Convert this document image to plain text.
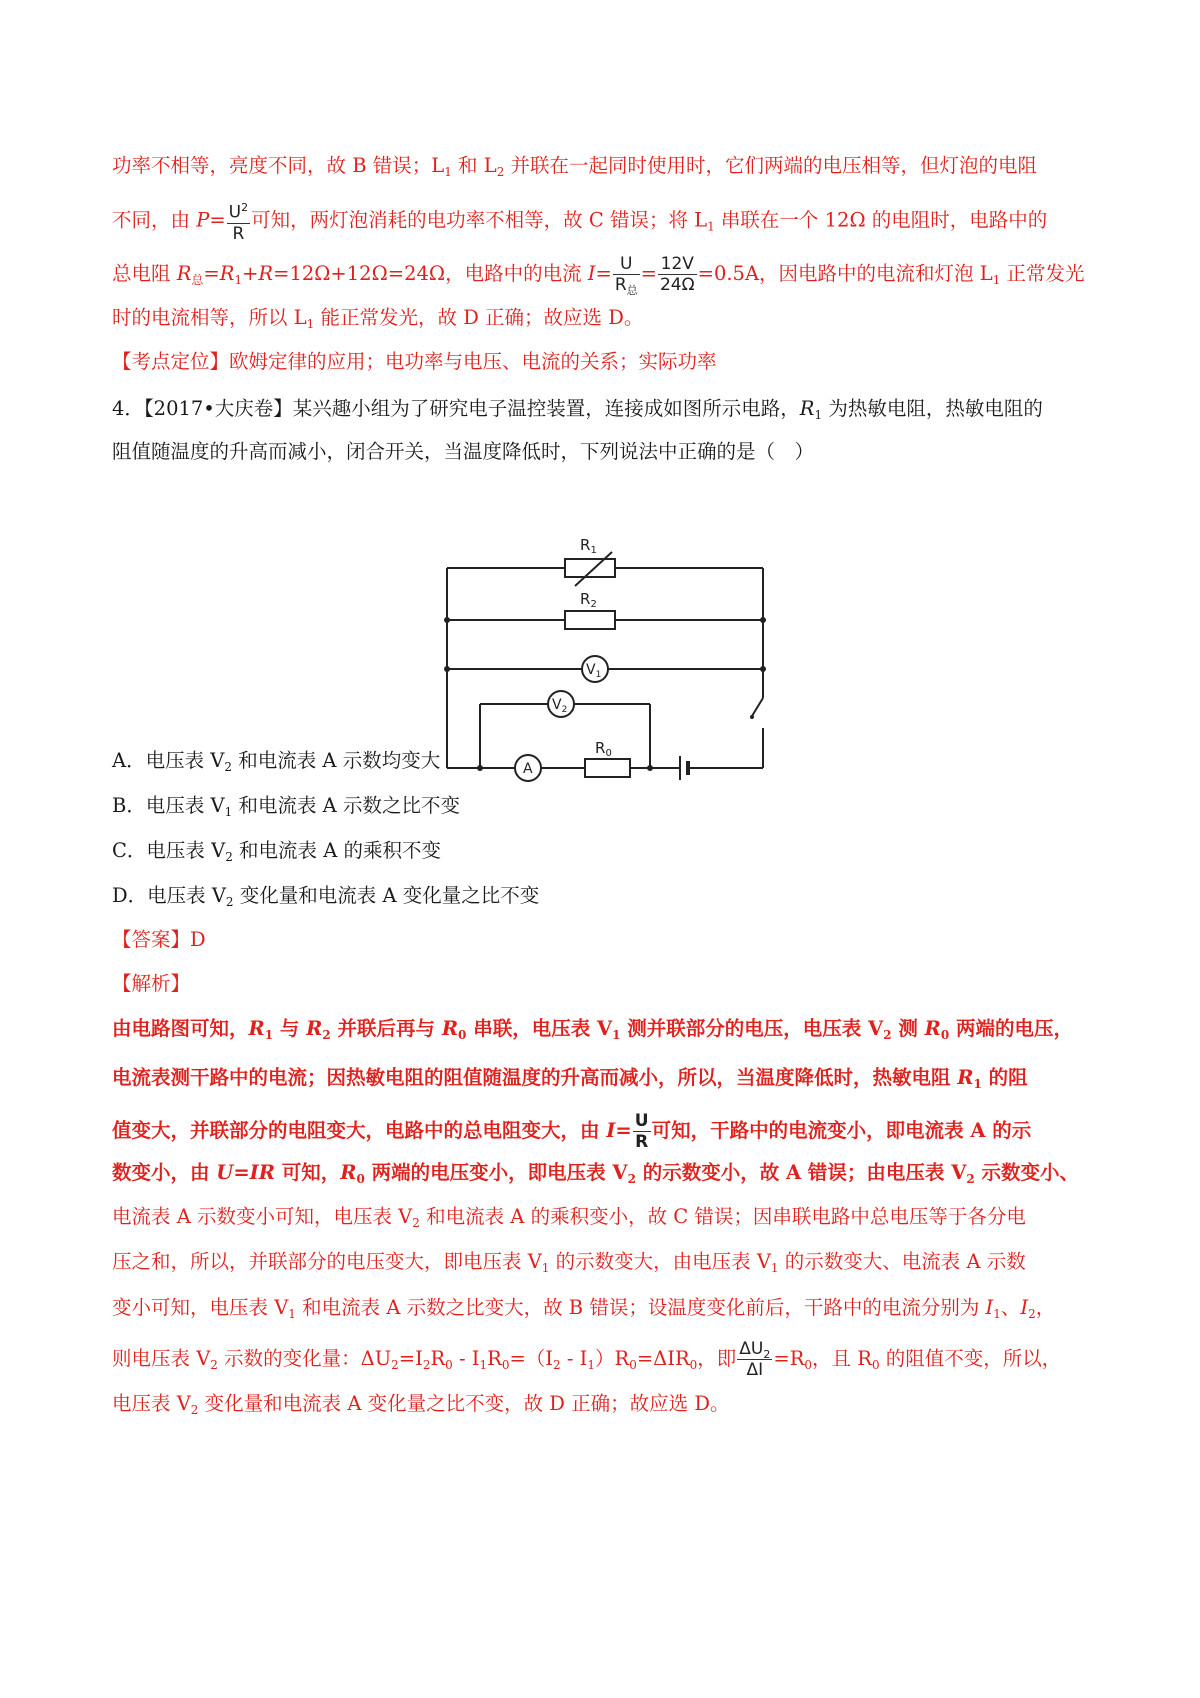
功率不相等，亮度不同，故 B 错误；$L_1$ 和 $L_2$ 并联在一起同时使用时，它们两端的电压相等，但灯泡的电阻
不同，由 $P= \frac{U^2}{R}$ 可知，两灯泡消耗的电功率不相等，故 C 错误；将 $L_1$ 串联在一个 12Ω 的电阻时，电路中的
总电阻 $R_总=R_1+R=12\Omega+12\Omega=24\Omega$，电路中的电流 $I= \frac{U}{R_总} = \frac{12V}{24\Omega} =0.5A$，因电路中的电流和灯泡 $L_1$ 正常发光
时的电流相等，所以 $L_1$ 能正常发光，故 D 正确；故应选 D。
【考点定位】欧姆定律的应用；电功率与电压、电流的关系；实际功率
4．【2017•大庆卷】某兴趣小组为了研究电子温控装置，连接成如图所示电路，$R_1$ 为热敏电阻，热敏电阻的
阻值随温度的升高而减小，闭合开关，当温度降低时，下列说法中正确的是（　）
$R_1$
$R_2$
$V_1$
$V_2$
A
$R_0$
A．电压表 $V_2$ 和电流表 A 示数均变大
B．电压表 $V_1$ 和电流表 A 示数之比不变
C．电压表 $V_2$ 和电流表 A 的乘积不变
D．电压表 $V_2$ 变化量和电流表 A 变化量之比不变
【答案】D
【解析】
由电路图可知，$R_1$ 与 $R_2$ 并联后再与 $R_0$ 串联，电压表 $V_1$ 测并联部分的电压，电压表 $V_2$ 测 $R_0$ 两端的电压，
电流表测干路中的电流；因热敏电阻的阻值随温度的升高而减小，所以，当温度降低时，热敏电阻 $R_1$ 的阻
值变大，并联部分的电阻变大，电路中的总电阻变大，由 $I= \frac{U}{R}$ 可知，干路中的电流变小，即电流表 A 的示
数变小，由 U=IR 可知，$R_0$ 两端的电压变小，即电压表 $V_2$ 的示数变小，故 A 错误；由电压表 $V_2$ 示数变小、
电流表 A 示数变小可知，电压表 $V_2$ 和电流表 A 的乘积变小，故 C 错误；因串联电路中总电压等于各分电
压之和，所以，并联部分的电压变大，即电压表 $V_1$ 的示数变大，由电压表 $V_1$ 的示数变大、电流表 A 示数
变小可知，电压表 $V_1$ 和电流表 A 示数之比变大，故 B 错误；设温度变化前后，干路中的电流分别为 $I_1$、$I_2$，
则电压表 $V_2$ 示数的变化量：$\Delta U_2=I_2R_0 - I_1R_0=(I_2 - I_1)R_0=\Delta IR_0$，即 $\frac{\Delta U_2}{\Delta I} =R_0$，且 $R_0$ 的阻值不变，所以，
电压表 $V_2$ 变化量和电流表 A 变化量之比不变，故 D 正确；故应选 D。
